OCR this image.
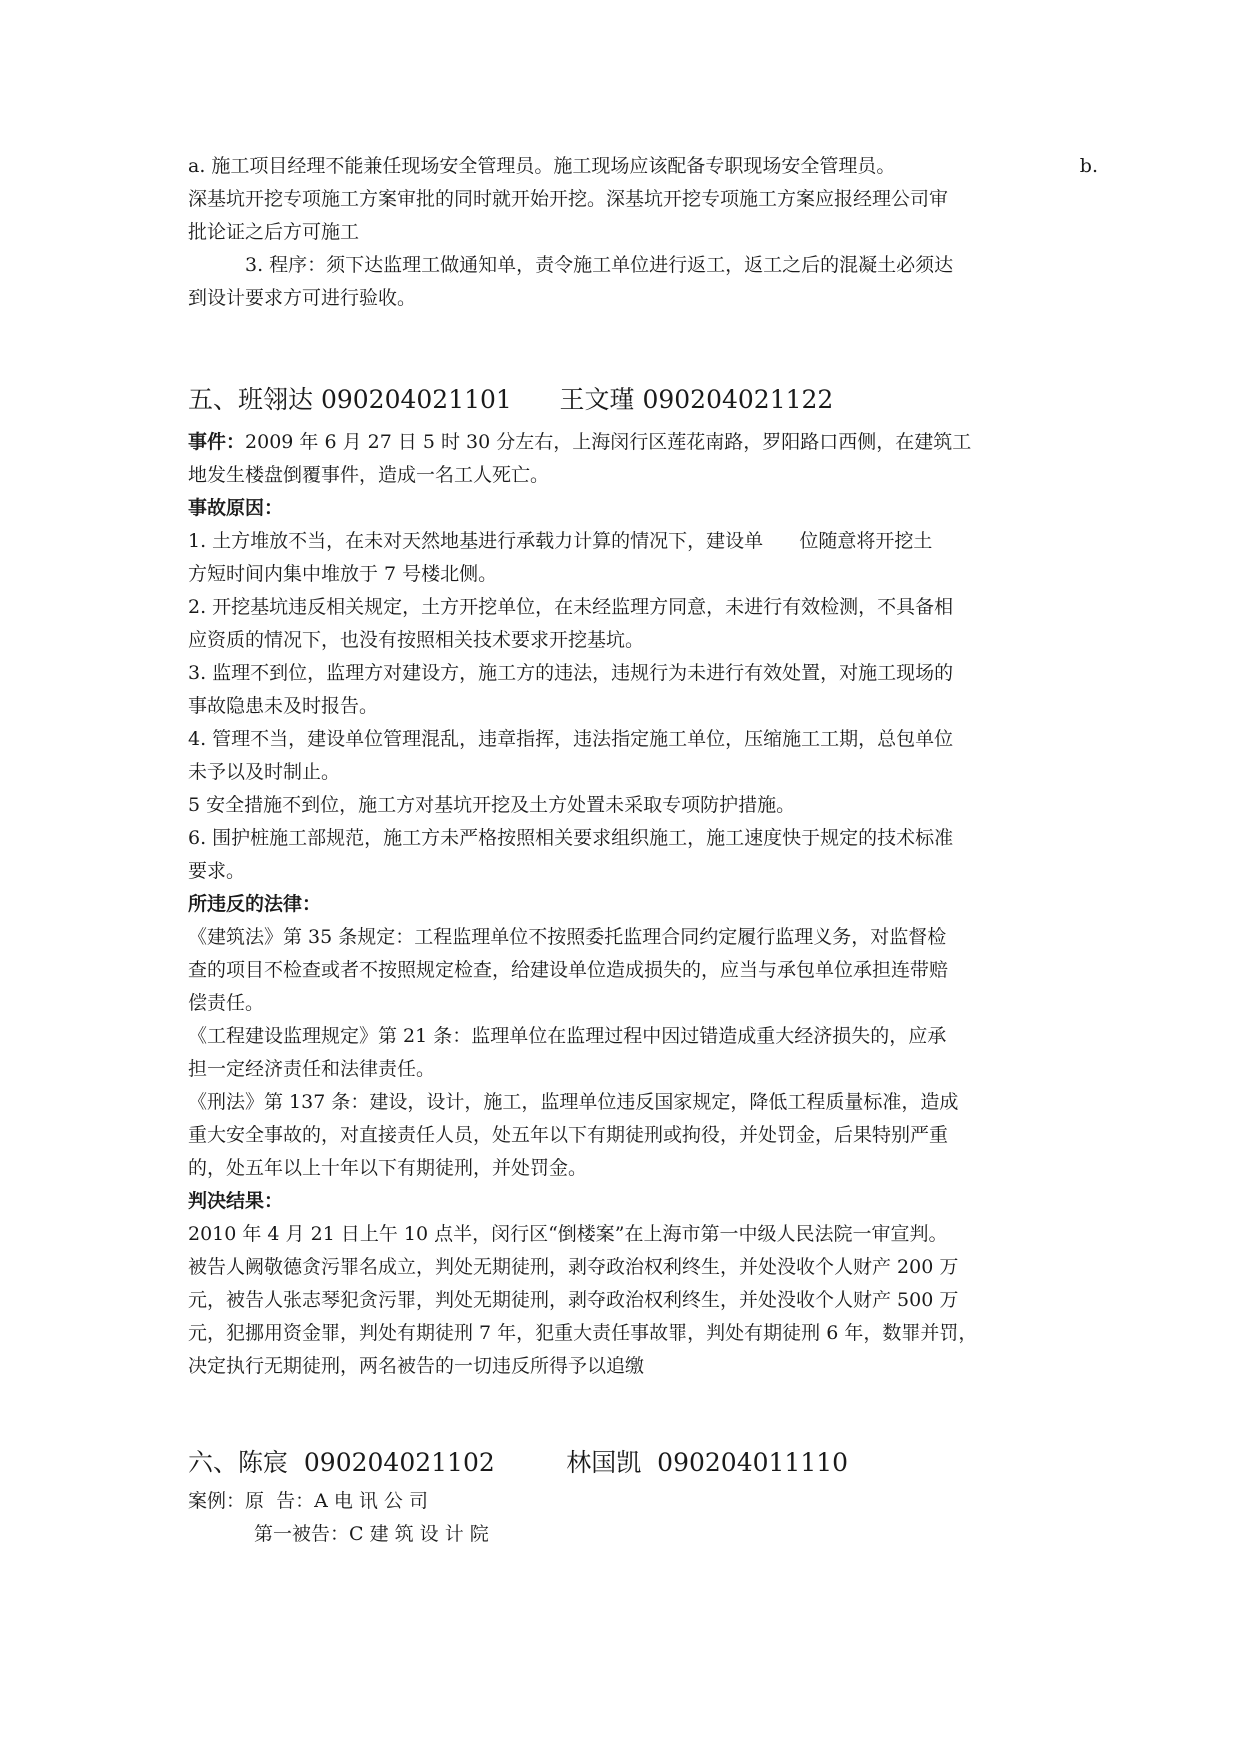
a. 施工项目经理不能兼任现场安全管理员。施工现场应该配备专职现场安全管理员。	b.

深基坑开挖专项施工方案审批的同时就开始开挖。深基坑开挖专项施工方案应报经理公司审

批论证之后方可施工

3. 程序：须下达监理工做通知单，责令施工单位进行返工，返工之后的混凝土必须达

到设计要求方可进行验收。

五、班翎达 090204021101      王文瑾 090204021122

事件：2009 年 6 月 27 日 5 时 30 分左右，上海闵行区莲花南路，罗阳路口西侧，在建筑工

地发生楼盘倒覆事件，造成一名工人死亡。

事故原因：

1. 土方堆放不当，在未对天然地基进行承载力计算的情况下，建设单      位随意将开挖土

方短时间内集中堆放于 7 号楼北侧。

2. 开挖基坑违反相关规定，土方开挖单位，在未经监理方同意，未进行有效检测，不具备相

应资质的情况下，也没有按照相关技术要求开挖基坑。

3. 监理不到位，监理方对建设方，施工方的违法，违规行为未进行有效处置，对施工现场的

事故隐患未及时报告。

4. 管理不当，建设单位管理混乱，违章指挥，违法指定施工单位，压缩施工工期，总包单位

未予以及时制止。

5 安全措施不到位，施工方对基坑开挖及土方处置未采取专项防护措施。

6. 围护桩施工部规范，施工方未严格按照相关要求组织施工，施工速度快于规定的技术标准

要求。

所违反的法律：

《建筑法》第 35 条规定：工程监理单位不按照委托监理合同约定履行监理义务，对监督检

查的项目不检查或者不按照规定检查，给建设单位造成损失的，应当与承包单位承担连带赔

偿责任。

《工程建设监理规定》第 21 条：监理单位在监理过程中因过错造成重大经济损失的，应承

担一定经济责任和法律责任。

《刑法》第 137 条：建设，设计，施工，监理单位违反国家规定，降低工程质量标准，造成

重大安全事故的，对直接责任人员，处五年以下有期徒刑或拘役，并处罚金，后果特别严重

的，处五年以上十年以下有期徒刑，并处罚金。

判决结果：

2010 年 4 月 21 日上午 10 点半，闵行区“倒楼案”在上海市第一中级人民法院一审宣判。

被告人阙敬德贪污罪名成立，判处无期徒刑，剥夺政治权利终生，并处没收个人财产 200 万

元，被告人张志琴犯贪污罪，判处无期徒刑，剥夺政治权利终生，并处没收个人财产 500 万

元，犯挪用资金罪，判处有期徒刑 7 年，犯重大责任事故罪，判处有期徒刑 6 年，数罪并罚，

决定执行无期徒刑，两名被告的一切违反所得予以追缴

六、陈宸  090204021102         林国凯  090204011110

案例：原  告：A 电 讯 公 司

第一被告：C 建 筑 设 计 院
